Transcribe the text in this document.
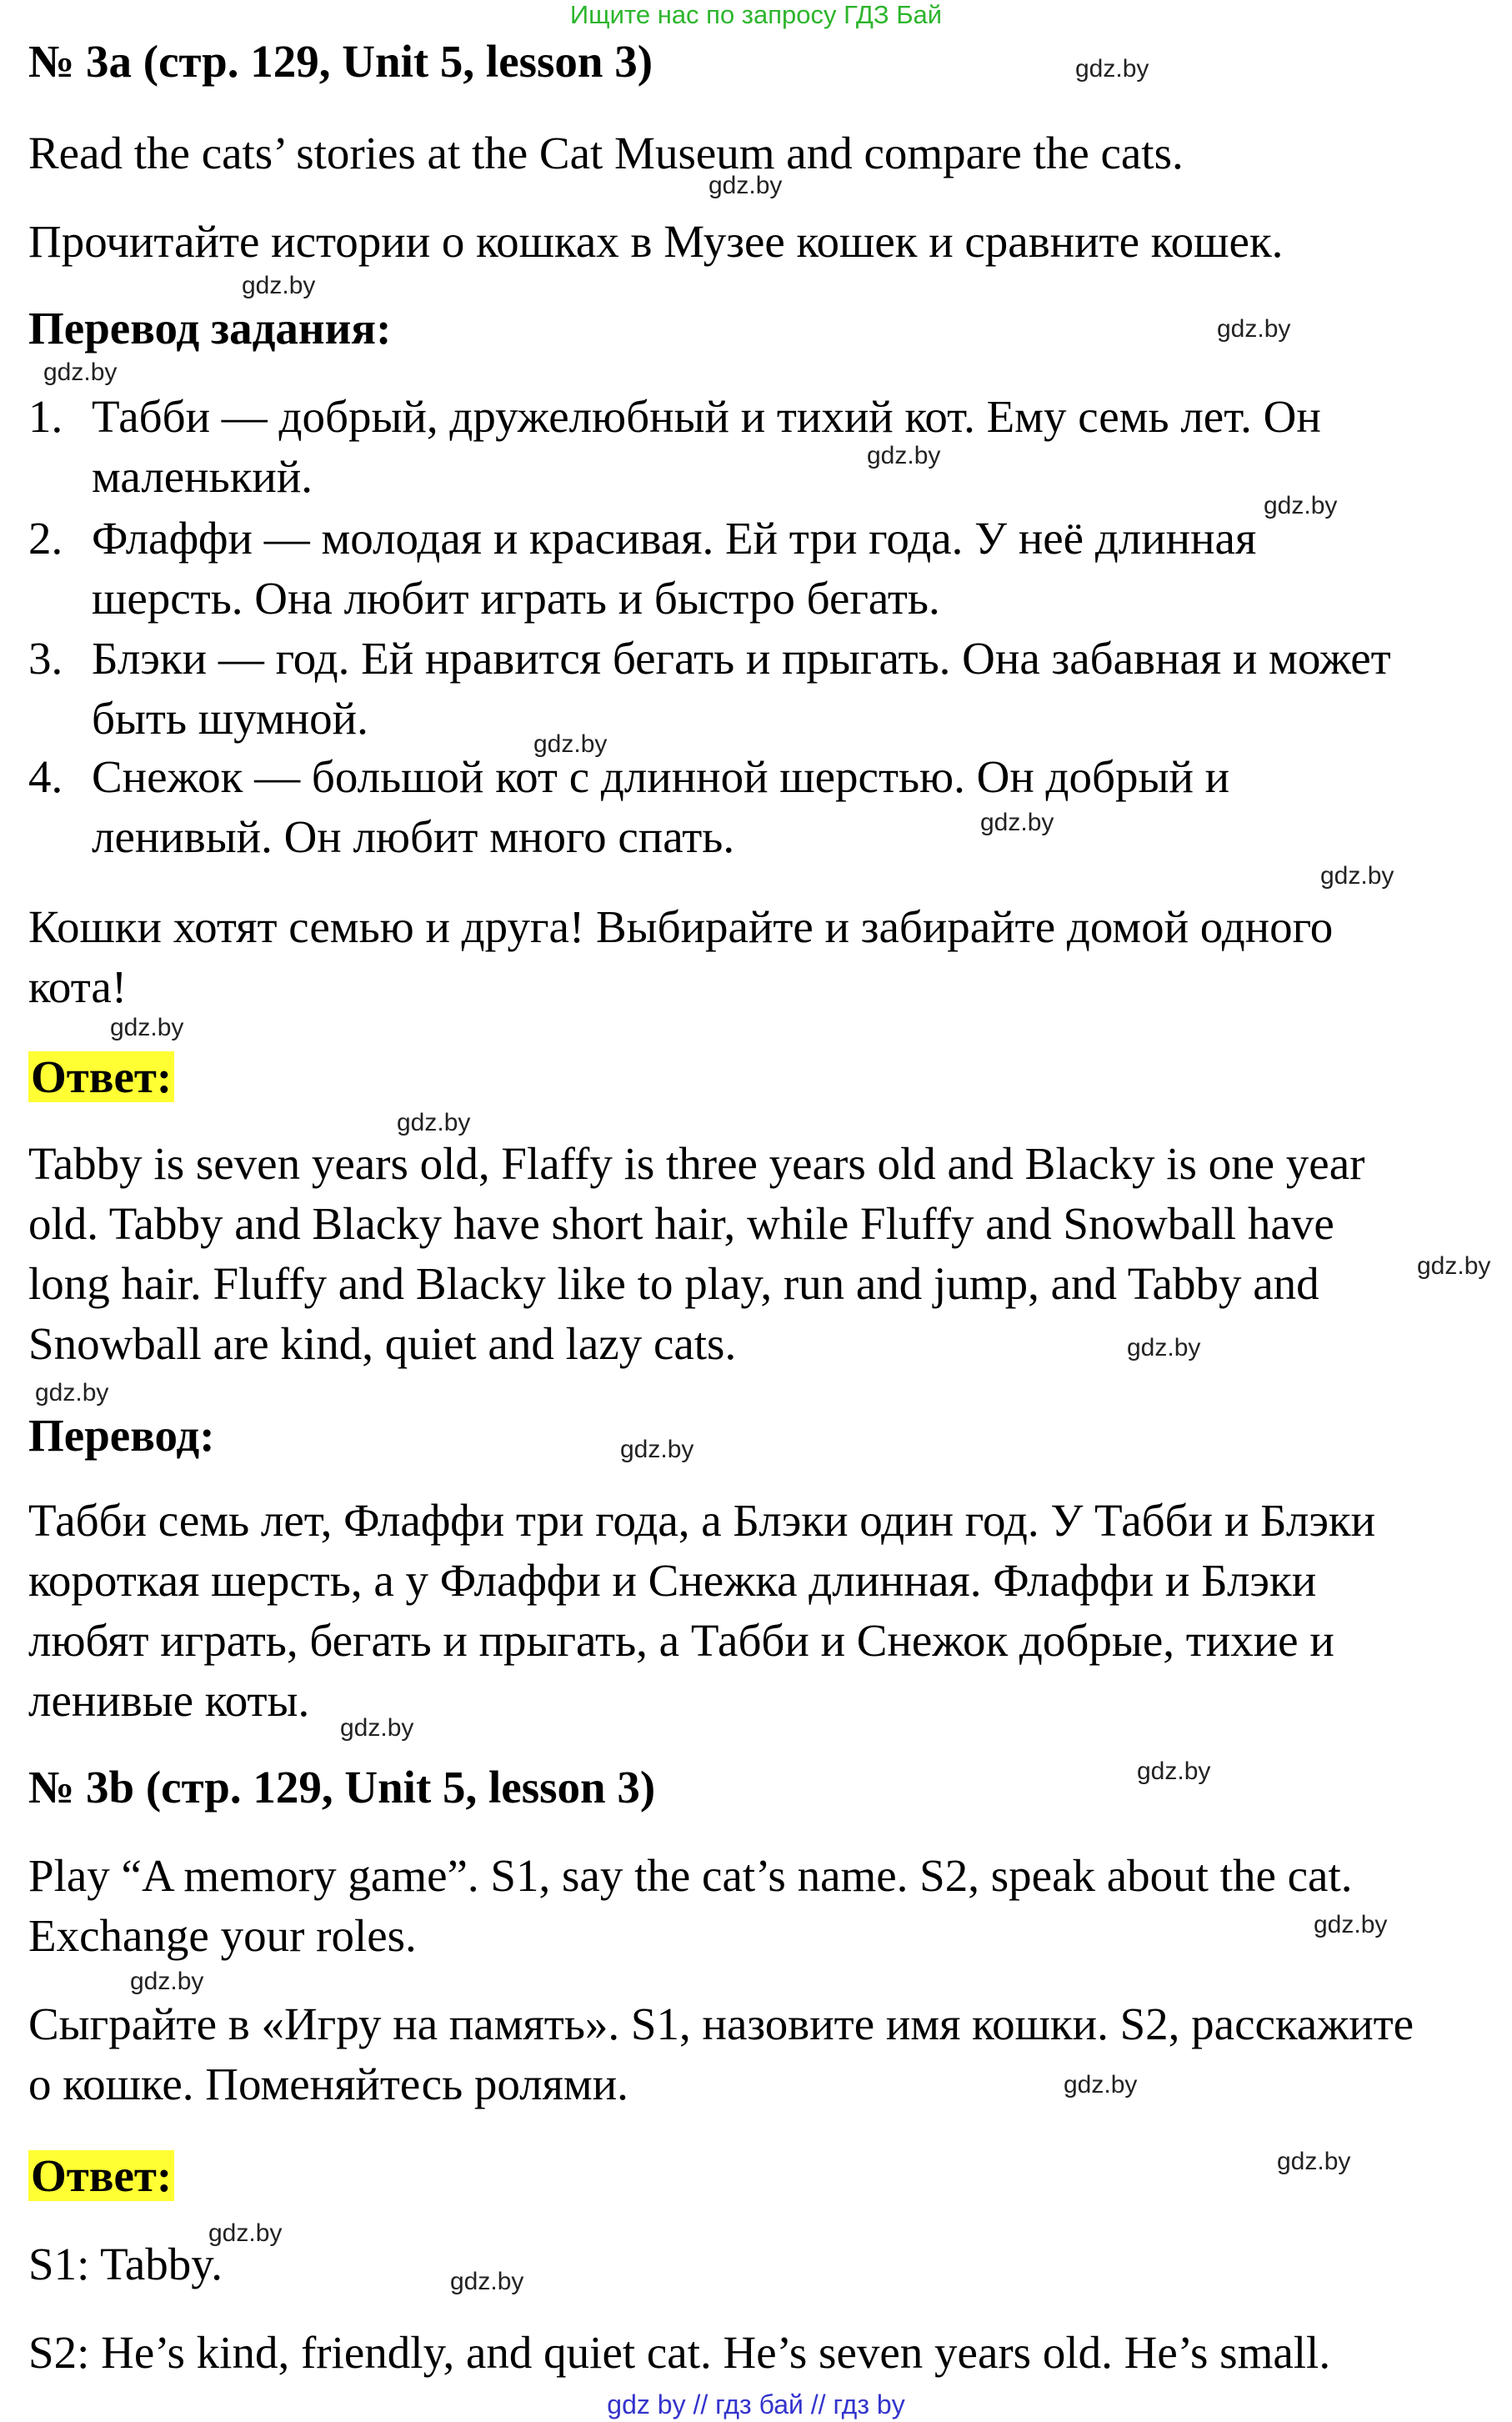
Ищите нас по запросу ГДЗ Бай
№ 3a (стр. 129, Unit 5, lesson 3)
Read the cats’ stories at the Cat Museum and compare the cats.
Прочитайте истории о кошках в Музее кошек и сравните кошек.
Перевод задания:
1. Табби — добрый, дружелюбный и тихий кот. Ему семь лет. Он
маленький.
2. Флаффи — молодая и красивая. Ей три года. У неё длинная
шерсть. Она любит играть и быстро бегать.
3. Блэки — год. Ей нравится бегать и прыгать. Она забавная и может
быть шумной.
4. Снежок — большой кот с длинной шерстью. Он добрый и
ленивый. Он любит много спать.
Кошки хотят семью и друга! Выбирайте и забирайте домой одного
кота!
Ответ:
Tabby is seven years old, Flaffy is three years old and Blacky is one year
old. Tabby and Blacky have short hair, while Fluffy and Snowball have
long hair. Fluffy and Blacky like to play, run and jump, and Tabby and
Snowball are kind, quiet and lazy cats.
Перевод:
Табби семь лет, Флаффи три года, а Блэки один год. У Табби и Блэки
короткая шерсть, а у Флаффи и Снежка длинная. Флаффи и Блэки
любят играть, бегать и прыгать, а Табби и Снежок добрые, тихие и
ленивые коты.
№ 3b (стр. 129, Unit 5, lesson 3)
Play “A memory game”. S1, say the cat’s name. S2, speak about the cat.
Exchange your roles.
Сыграйте в «Игру на память». S1, назовите имя кошки. S2, расскажите
о кошке. Поменяйтесь ролями.
Ответ:
S1: Tabby.
S2: He’s kind, friendly, and quiet cat. He’s seven years old. He’s small.
gdz.by
gdz.by
gdz.by
gdz.by
gdz.by
gdz.by
gdz.by
gdz.by
gdz.by
gdz.by
gdz.by
gdz.by
gdz.by
gdz.by
gdz.by
gdz.by
gdz.by
gdz.by
gdz.by
gdz.by
gdz.by
gdz.by
gdz.by
gdz.by
gdz by // гдз бай // гдз by
